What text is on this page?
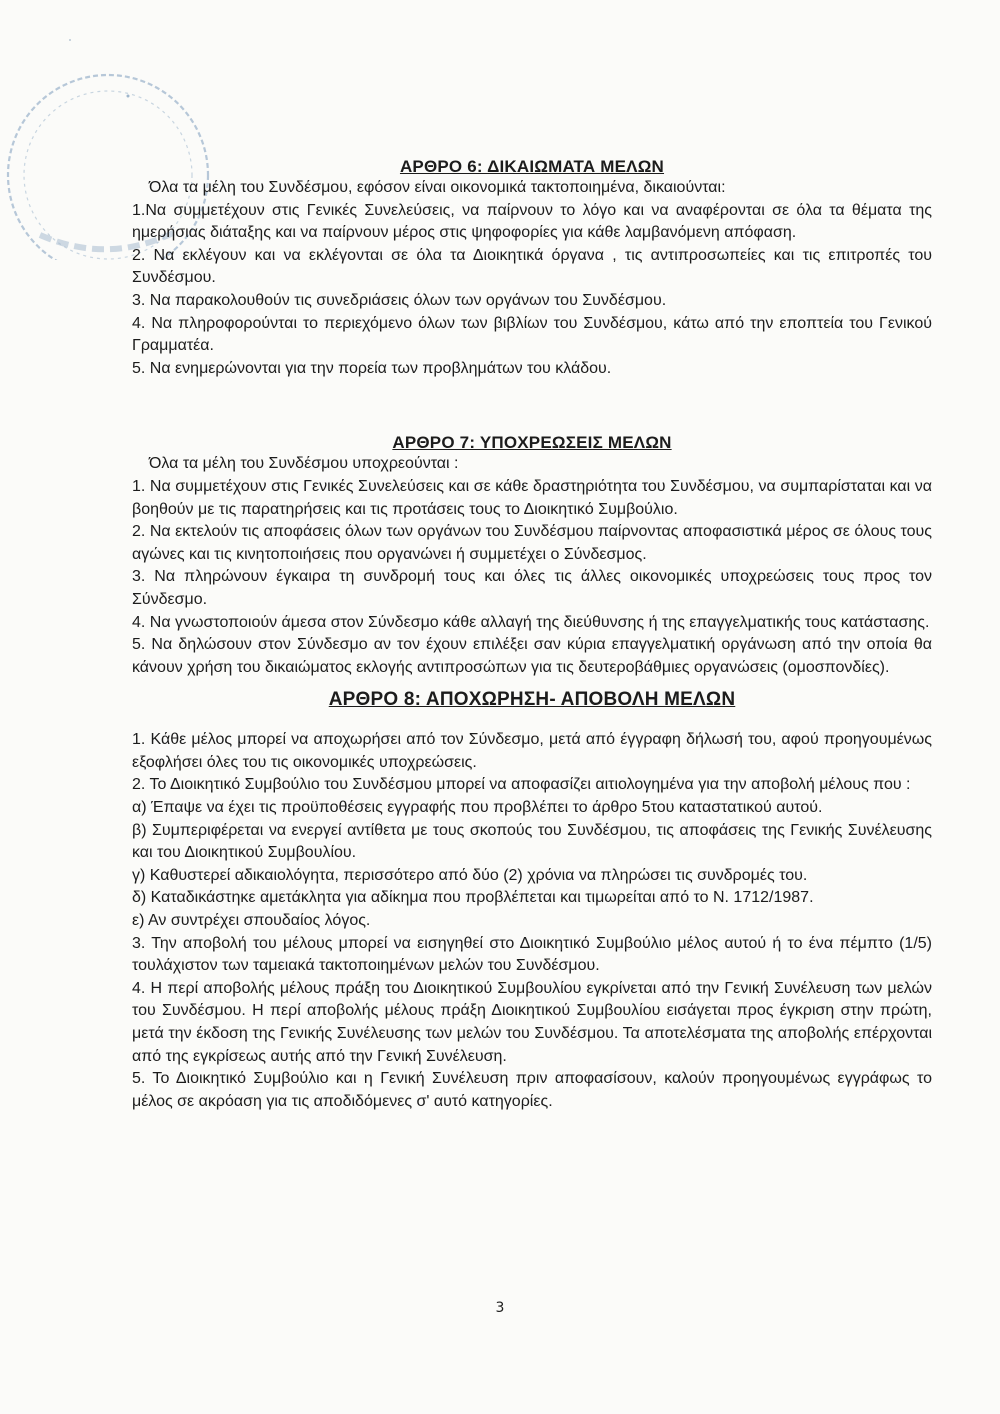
ΑΡΘΡΟ 6: ΔΙΚΑΙΩΜΑΤΑ ΜΕΛΩΝ

Όλα τα μέλη του Συνδέσμου, εφόσον είναι οικονομικά τακτοποιημένα, δικαιούνται:

1.Να συμμετέχουν στις Γενικές Συνελεύσεις, να παίρνουν το λόγο και να αναφέρονται σε όλα τα θέματα της ημερήσιας διάταξης και να παίρνουν μέρος στις ψηφοφορίες για κάθε λαμβανόμενη απόφαση.

2. Να εκλέγουν και να εκλέγονται σε όλα τα Διοικητικά όργανα , τις αντιπροσωπείες και τις επιτροπές του Συνδέσμου.

3. Να παρακολουθούν τις συνεδριάσεις όλων των οργάνων του Συνδέσμου.

4. Να πληροφορούνται το περιεχόμενο όλων των βιβλίων του Συνδέσμου, κάτω από την εποπτεία του Γενικού Γραμματέα.

5. Να ενημερώνονται για την πορεία των προβλημάτων του κλάδου.

ΑΡΘΡΟ 7: ΥΠΟΧΡΕΩΣΕΙΣ ΜΕΛΩΝ

Όλα τα μέλη του Συνδέσμου υποχρεούνται :

1. Να συμμετέχουν στις Γενικές Συνελεύσεις και σε κάθε δραστηριότητα του Συνδέσμου, να συμπαρίσταται και να βοηθούν με τις παρατηρήσεις και τις προτάσεις τους το Διοικητικό Συμβούλιο.

2. Να εκτελούν τις αποφάσεις όλων των οργάνων του Συνδέσμου παίρνοντας αποφασιστικά μέρος σε όλους τους αγώνες και τις κινητοποιήσεις που οργανώνει ή συμμετέχει ο Σύνδεσμος.

3. Να πληρώνουν έγκαιρα τη συνδρομή τους και όλες τις άλλες οικονομικές υποχρεώσεις τους προς τον Σύνδεσμο.

4. Να γνωστοποιούν άμεσα στον Σύνδεσμο κάθε αλλαγή της διεύθυνσης ή της επαγγελματικής τους κατάστασης.

5. Να δηλώσουν στον Σύνδεσμο αν τον έχουν επιλέξει σαν κύρια επαγγελματική οργάνωση από την οποία θα κάνουν χρήση του δικαιώματος εκλογής αντιπροσώπων για τις δευτεροβάθμιες οργανώσεις (ομοσπονδίες).

ΑΡΘΡΟ 8: ΑΠΟΧΩΡΗΣΗ- ΑΠΟΒΟΛΗ ΜΕΛΩΝ

1. Κάθε μέλος μπορεί να αποχωρήσει από τον Σύνδεσμο, μετά από έγγραφη δήλωσή του, αφού προηγουμένως εξοφλήσει όλες του τις οικονομικές υποχρεώσεις.

2. Το Διοικητικό Συμβούλιο του Συνδέσμου μπορεί να αποφασίζει αιτιολογημένα για την αποβολή μέλους που :

α) Έπαψε να έχει τις προϋποθέσεις εγγραφής που προβλέπει το άρθρο 5του καταστατικού αυτού.

β) Συμπεριφέρεται να ενεργεί αντίθετα με τους σκοπούς του Συνδέσμου, τις αποφάσεις της Γενικής Συνέλευσης και του Διοικητικού Συμβουλίου.

γ) Καθυστερεί αδικαιολόγητα, περισσότερο από δύο (2) χρόνια να πληρώσει τις συνδρομές του.

δ) Καταδικάστηκε αμετάκλητα για αδίκημα που προβλέπεται και τιμωρείται από το Ν. 1712/1987.

ε) Αν συντρέχει σπουδαίος λόγος.

3. Την αποβολή του μέλους μπορεί να εισηγηθεί στο Διοικητικό Συμβούλιο μέλος αυτού ή το ένα πέμπτο (1/5) τουλάχιστον των ταμειακά τακτοποιημένων μελών του Συνδέσμου.

4. Η περί αποβολής μέλους πράξη του Διοικητικού Συμβουλίου εγκρίνεται από την Γενική Συνέλευση των μελών του Συνδέσμου. Η περί αποβολής μέλους πράξη Διοικητικού Συμβουλίου εισάγεται προς έγκριση στην πρώτη, μετά την έκδοση της Γενικής Συνέλευσης των μελών του Συνδέσμου. Τα αποτελέσματα της αποβολής επέρχονται από της εγκρίσεως αυτής από την Γενική Συνέλευση.

5. Το Διοικητικό Συμβούλιο και η Γενική Συνέλευση πριν αποφασίσουν, καλούν προηγουμένως εγγράφως το μέλος σε ακρόαση για τις αποδιδόμενες σ' αυτό κατηγορίες.

3
